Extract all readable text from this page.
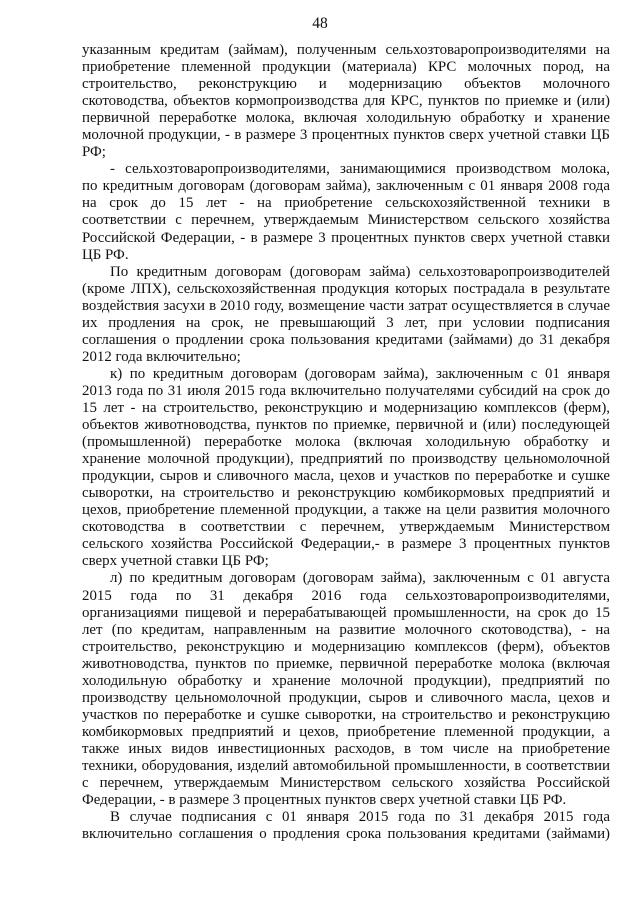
48
указанным кредитам (займам), полученным сельхозтоваропроизводителями на
приобретение племенной продукции (материала) КРС молочных пород, на
строительство, реконструкцию и модернизацию объектов молочного
скотоводства, объектов кормопроизводства для КРС, пунктов по приемке и (или)
первичной переработке молока, включая холодильную обработку и хранение
молочной продукции, - в размере 3 процентных пунктов сверх учетной ставки ЦБ
РФ;
- сельхозтоваропроизводителями, занимающимися производством молока,
по кредитным договорам (договорам займа), заключенным с 01 января 2008 года
на срок до 15 лет - на приобретение сельскохозяйственной техники в
соответствии с перечнем, утверждаемым Министерством сельского хозяйства
Российской Федерации, - в размере 3 процентных пунктов сверх учетной ставки
ЦБ РФ.
По кредитным договорам (договорам займа) сельхозтоваропроизводителей
(кроме ЛПХ), сельскохозяйственная продукция которых пострадала в результате
воздействия засухи в 2010 году, возмещение части затрат осуществляется в случае
их продления на срок, не превышающий 3 лет, при условии подписания
соглашения о продлении срока пользования кредитами (займами) до 31 декабря
2012 года включительно;
к) по кредитным договорам (договорам займа), заключенным с 01 января
2013 года по 31 июля 2015 года включительно получателями субсидий на срок до
15 лет - на строительство, реконструкцию и модернизацию комплексов (ферм),
объектов животноводства, пунктов по приемке, первичной и (или) последующей
(промышленной) переработке молока (включая холодильную обработку и
хранение молочной продукции), предприятий по производству цельномолочной
продукции, сыров и сливочного масла, цехов и участков по переработке и сушке
сыворотки, на строительство и реконструкцию комбикормовых предприятий и
цехов, приобретение племенной продукции, а также на цели развития молочного
скотоводства в соответствии с перечнем, утверждаемым Министерством
сельского хозяйства Российской Федерации,- в размере 3 процентных пунктов
сверх учетной ставки ЦБ РФ;
л) по кредитным договорам (договорам займа), заключенным с 01 августа
2015 года по 31 декабря 2016 года сельхозтоваропроизводителями,
организациями пищевой и перерабатывающей промышленности, на срок до 15
лет (по кредитам, направленным на развитие молочного скотоводства), - на
строительство, реконструкцию и модернизацию комплексов (ферм), объектов
животноводства, пунктов по приемке, первичной переработке молока (включая
холодильную обработку и хранение молочной продукции), предприятий по
производству цельномолочной продукции, сыров и сливочного масла, цехов и
участков по переработке и сушке сыворотки, на строительство и реконструкцию
комбикормовых предприятий и цехов, приобретение племенной продукции, а
также иных видов инвестиционных расходов, в том числе на приобретение
техники, оборудования, изделий автомобильной промышленности, в соответствии
с перечнем, утверждаемым Министерством сельского хозяйства Российской
Федерации, - в размере 3 процентных пунктов сверх учетной ставки ЦБ РФ.
В случае подписания с 01 января 2015 года по 31 декабря 2015 года
включительно соглашения о продления срока пользования кредитами (займами)
